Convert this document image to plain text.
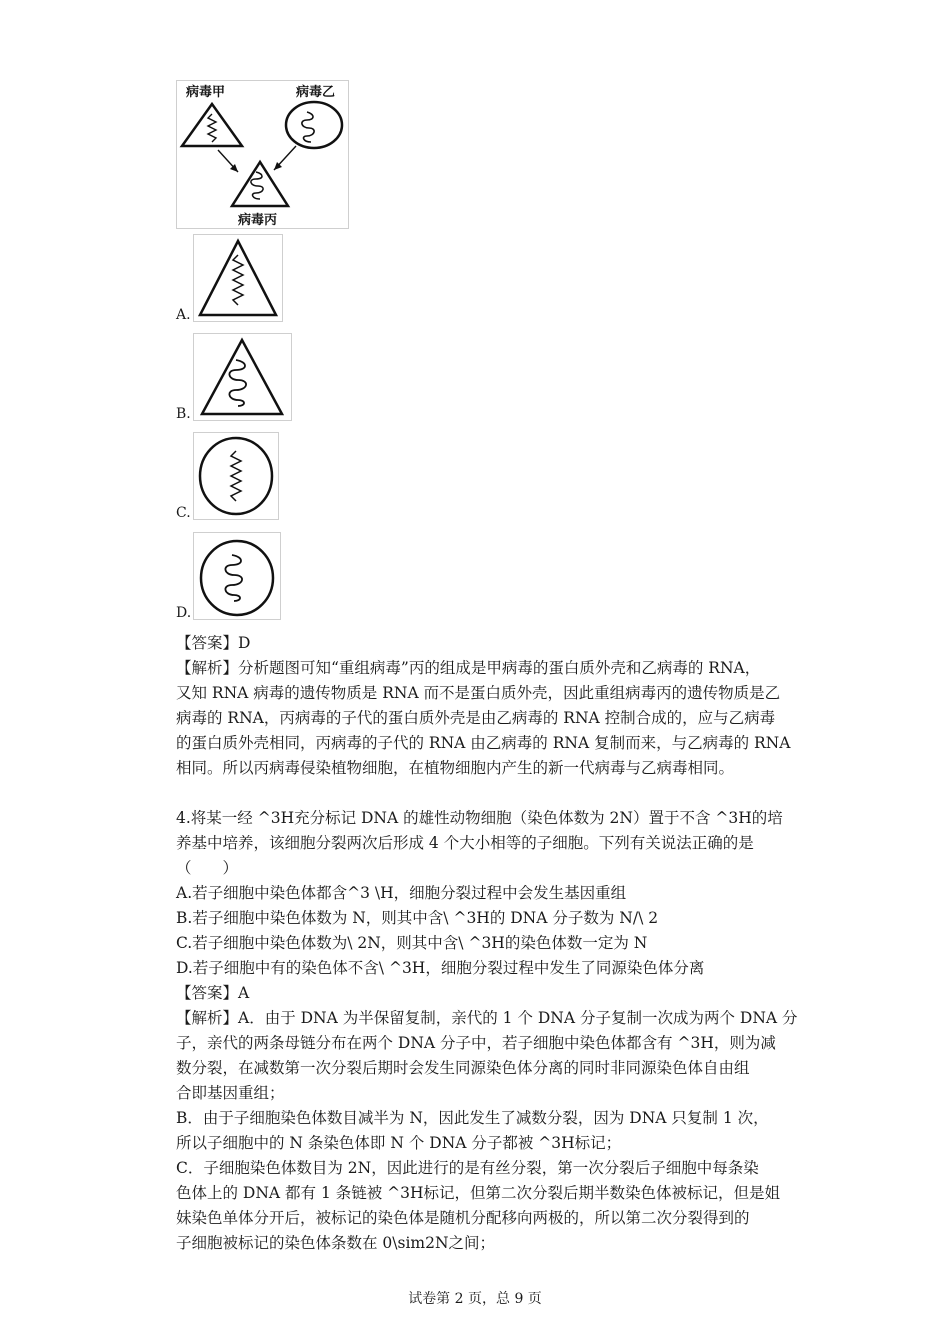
病毒甲	病毒乙
病毒丙
A.
B.
C.
D.
【答案】D
【解析】分析题图可知“重组病毒”丙的组成是甲病毒的蛋白质外壳和乙病毒的 RNA，
又知 RNA 病毒的遗传物质是 RNA 而不是蛋白质外壳，因此重组病毒丙的遗传物质是乙
病毒的 RNA，丙病毒的子代的蛋白质外壳是由乙病毒的 RNA 控制合成的，应与乙病毒
的蛋白质外壳相同，丙病毒的子代的 RNA 由乙病毒的 RNA 复制而来，与乙病毒的 RNA
相同。所以丙病毒侵染植物细胞，在植物细胞内产生的新一代病毒与乙病毒相同。
4.将某一经 ^3H充分标记 DNA 的雄性动物细胞（染色体数为 2N）置于不含 ^3H的培
养基中培养，该细胞分裂两次后形成 4 个大小相等的子细胞。下列有关说法正确的是
（　　）
A.若子细胞中染色体都含^3 \H，细胞分裂过程中会发生基因重组
B.若子细胞中染色体数为 N，则其中含\ ^3H的 DNA 分子数为 N/\ 2
C.若子细胞中染色体数为\ 2N，则其中含\ ^3H的染色体数一定为 N
D.若子细胞中有的染色体不含\ ^3H，细胞分裂过程中发生了同源染色体分离
【答案】A
【解析】A．由于 DNA 为半保留复制，亲代的 1 个 DNA 分子复制一次成为两个 DNA 分
子，亲代的两条母链分布在两个 DNA 分子中，若子细胞中染色体都含有 ^3H，则为减
数分裂，在减数第一次分裂后期时会发生同源染色体分离的同时非同源染色体自由组
合即基因重组；
B．由于子细胞染色体数目减半为 N，因此发生了减数分裂，因为 DNA 只复制 1 次，
所以子细胞中的 N 条染色体即 N 个 DNA 分子都被 ^3H标记；
C．子细胞染色体数目为 2N，因此进行的是有丝分裂，第一次分裂后子细胞中每条染
色体上的 DNA 都有 1 条链被 ^3H标记，但第二次分裂后期半数染色体被标记，但是姐
妹染色单体分开后，被标记的染色体是随机分配移向两极的，所以第二次分裂得到的
子细胞被标记的染色体条数在 0\sim2N之间；
试卷第 2 页，总 9 页
